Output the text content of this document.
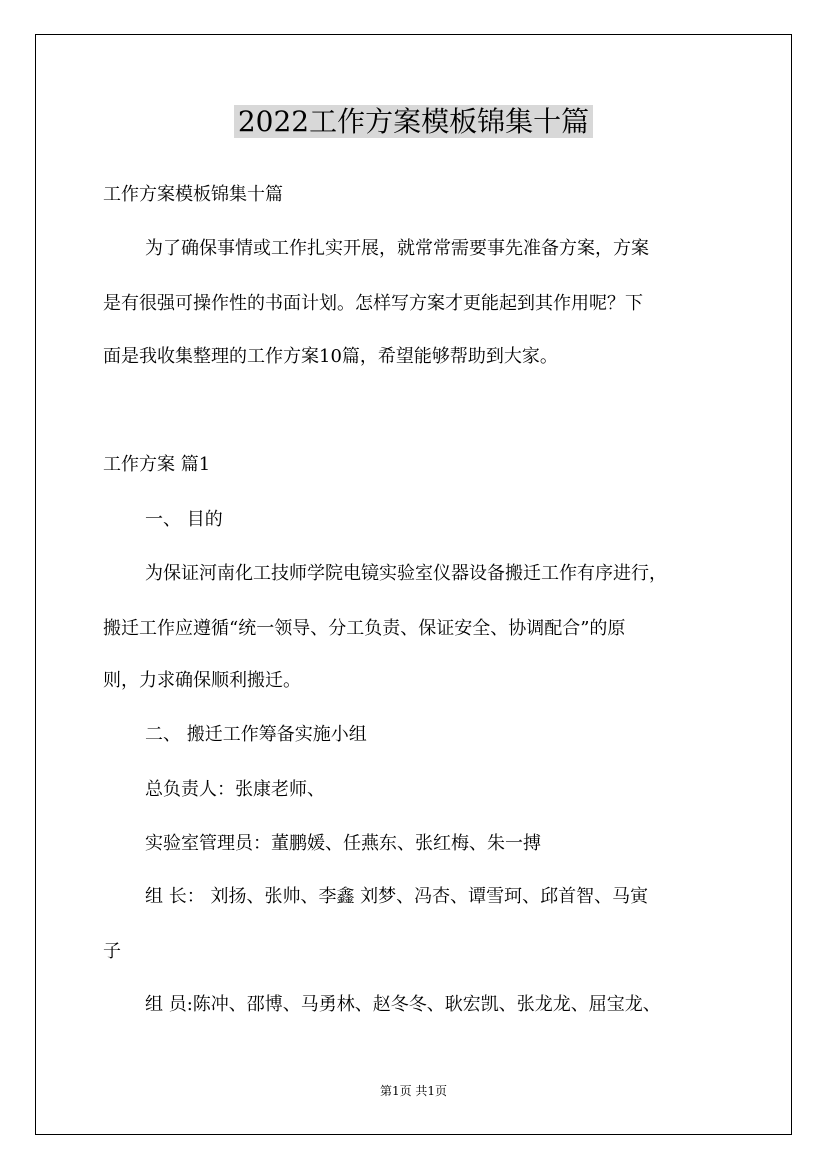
2022工作方案模板锦集十篇
工作方案模板锦集十篇
为了确保事情或工作扎实开展，就常常需要事先准备方案，方案
是有很强可操作性的书面计划。怎样写方案才更能起到其作用呢？下
面是我收集整理的工作方案10篇，希望能够帮助到大家。
工作方案 篇1
一、 目的
为保证河南化工技师学院电镜实验室仪器设备搬迁工作有序进行，
搬迁工作应遵循“统一领导、分工负责、保证安全、协调配合”的原
则，力求确保顺利搬迁。
二、 搬迁工作筹备实施小组
总负责人：张康老师、
实验室管理员：董鹏媛、任燕东、张红梅、朱一搏
组 长： 刘扬、张帅、李鑫 刘梦、冯杏、谭雪珂、邱首智、马寅
子
组 员:陈冲、邵博、马勇林、赵冬冬、耿宏凯、张龙龙、屈宝龙、
第1页 共1页
